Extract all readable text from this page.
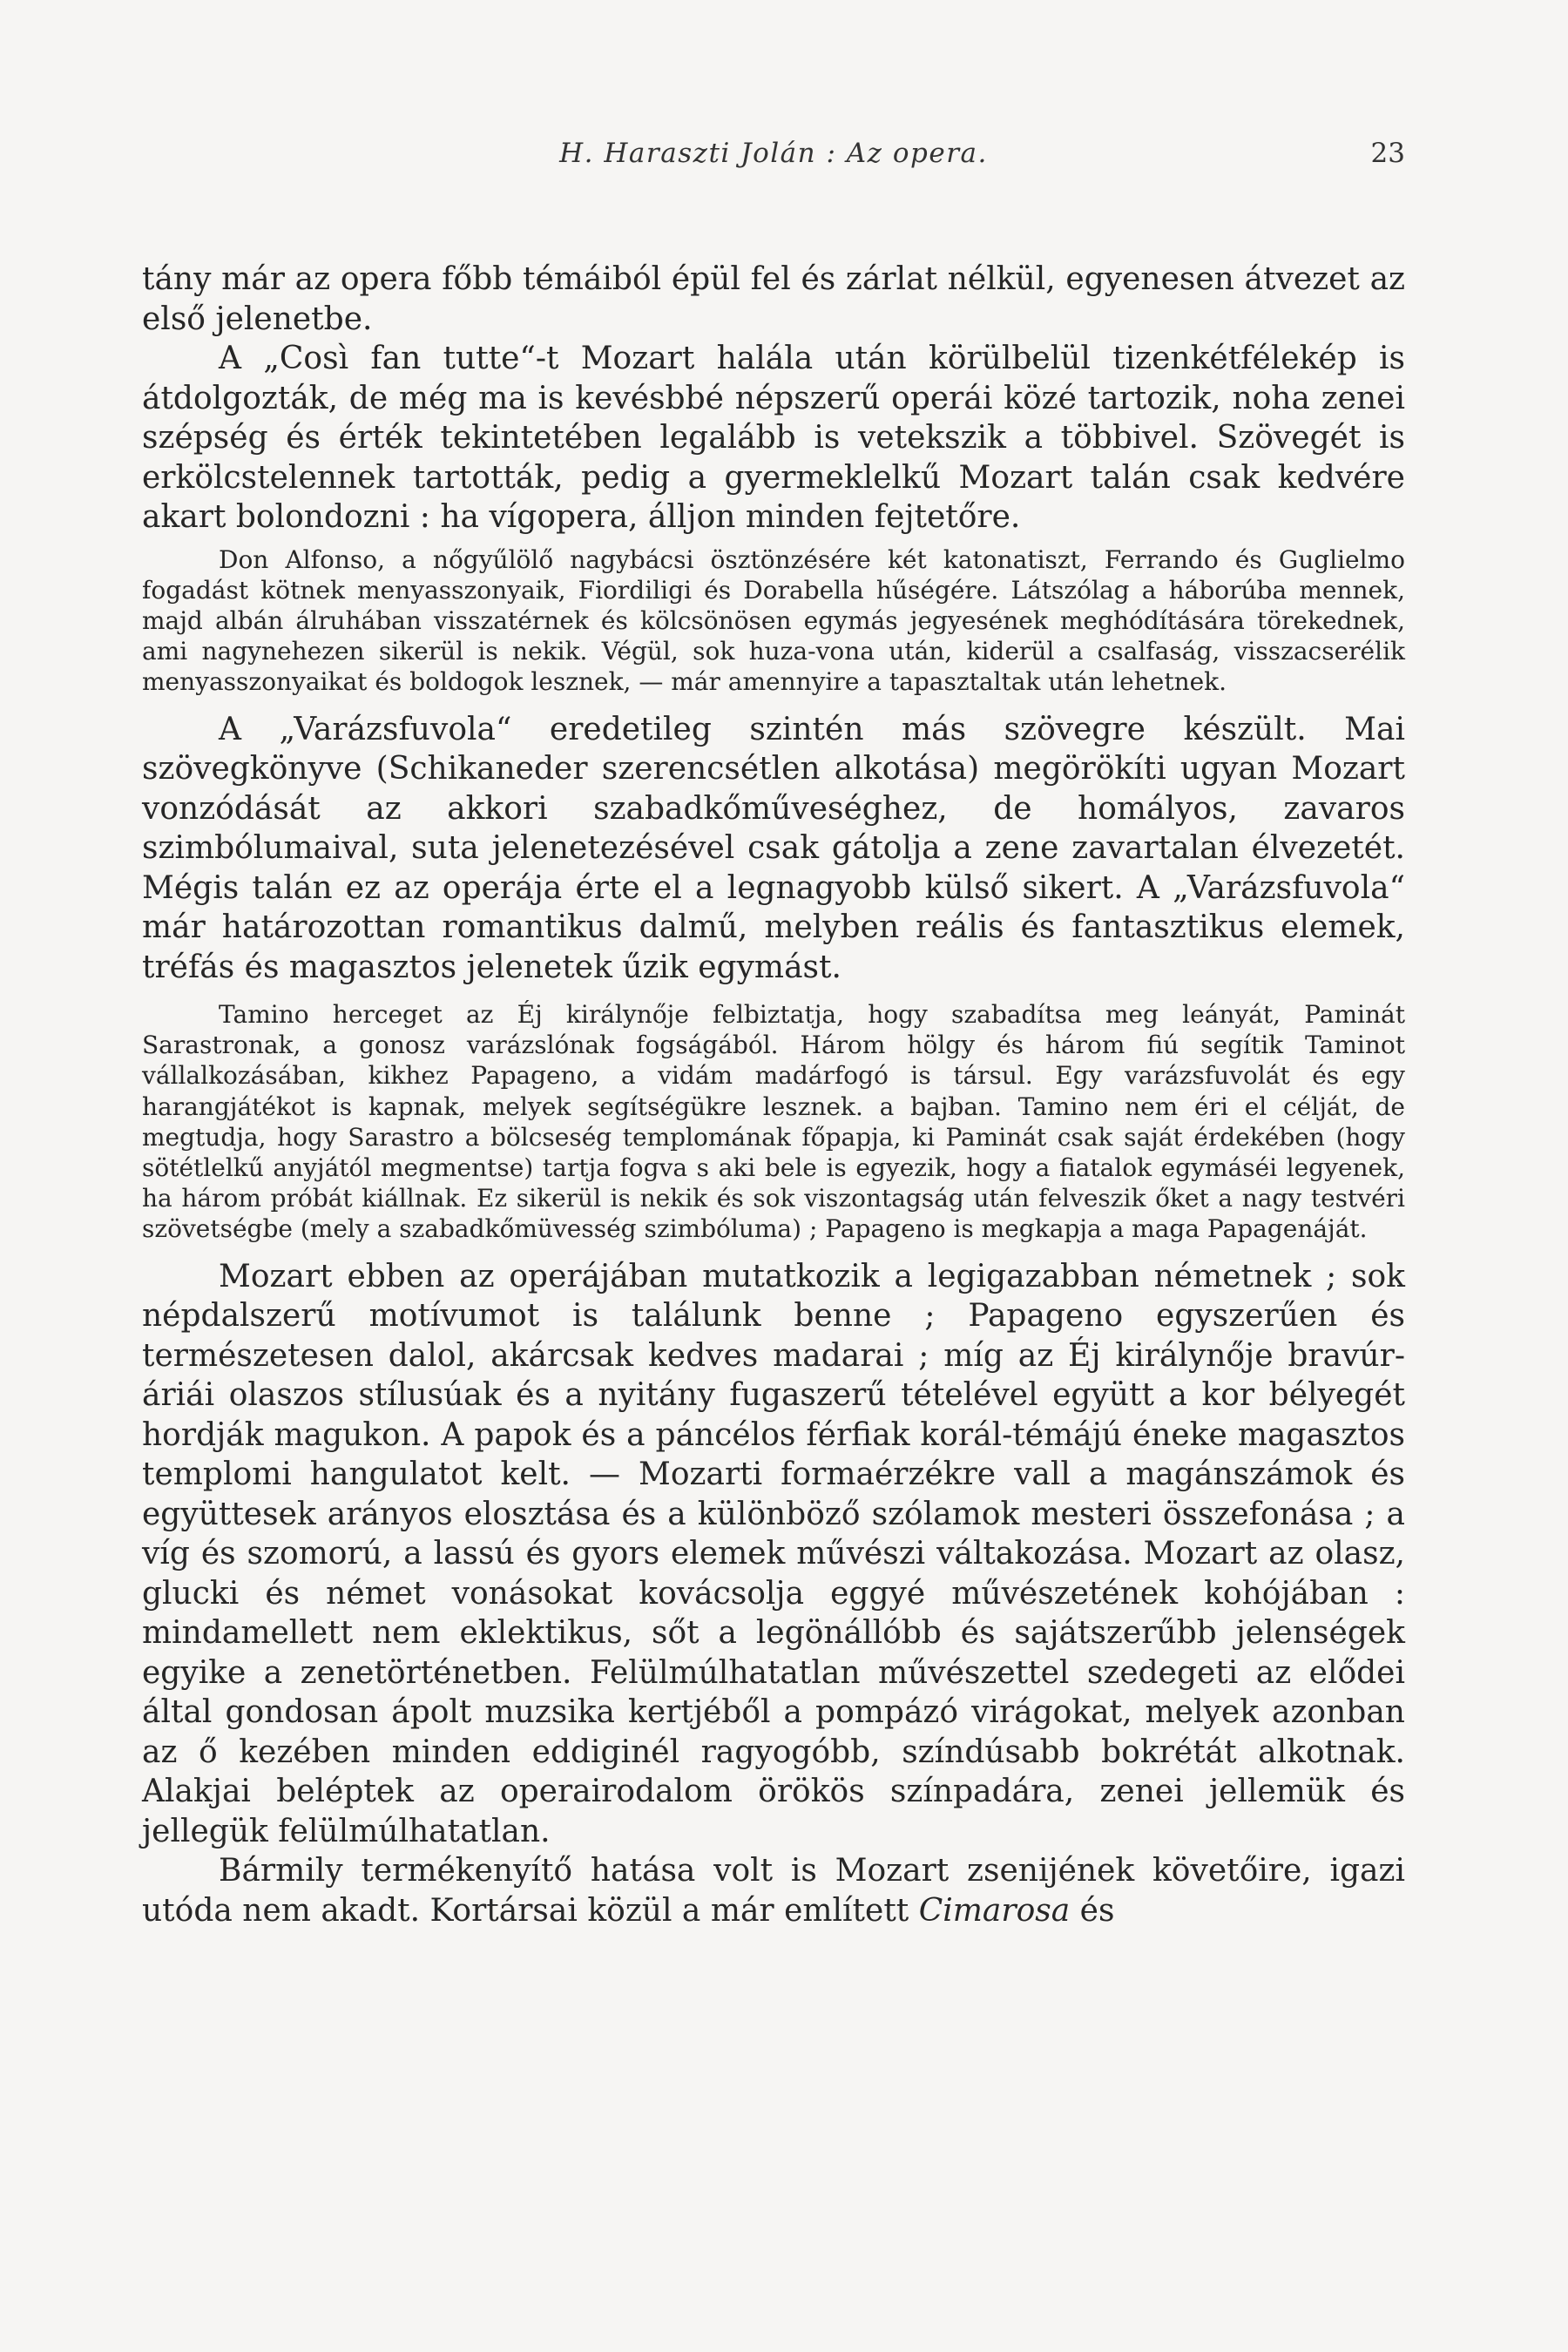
H. Haraszti Jolán : Az opera.	23

tány már az opera főbb témáiból épül fel és zárlat nélkül, egyenesen átvezet az első jelenetbe.

A „Così fan tutte“-t Mozart halála után körülbelül tizenkétfélekép is átdolgozták, de még ma is kevésbbé népszerű operái közé tartozik, noha zenei szépség és érték tekintetében legalább is vetekszik a többivel. Szövegét is erkölcstelennek tartották, pedig a gyermeklelkű Mozart talán csak kedvére akart bolondozni : ha vígopera, álljon minden fejtetőre.

Don Alfonso, a nőgyűlölő nagybácsi ösztönzésére két katonatiszt, Ferrando és Guglielmo fogadást kötnek menyasszonyaik, Fiordiligi és Dorabella hűségére. Látszólag a háborúba mennek, majd albán álruhában visszatérnek és kölcsönösen egymás jegyesének meghódítására törekednek, ami nagynehezen sikerül is nekik. Végül, sok huza-vona után, kiderül a csalfaság, visszacserélik menyasszonyaikat és boldogok lesznek, — már amennyire a tapasztaltak után lehetnek.

A „Varázsfuvola“ eredetileg szintén más szövegre készült. Mai szövegkönyve (Schikaneder szerencsétlen alkotása) megörökíti ugyan Mozart vonzódását az akkori szabadkőműveséghez, de homályos, zavaros szimbólumaival, suta jelenetezésével csak gátolja a zene zavartalan élvezetét. Mégis talán ez az operája érte el a legnagyobb külső sikert. A „Varázsfuvola“ már határozottan romantikus dalmű, melyben reális és fantasztikus elemek, tréfás és magasztos jelenetek űzik egymást.

Tamino herceget az Éj királynője felbiztatja, hogy szabadítsa meg leányát, Paminát Sarastronak, a gonosz varázslónak fogságából. Három hölgy és három fiú segítik Taminot vállalkozásában, kikhez Papageno, a vidám madárfogó is társul. Egy varázsfuvolát és egy harangjátékot is kapnak, melyek segítségükre lesznek. a bajban. Tamino nem éri el célját, de megtudja, hogy Sarastro a bölcseség templomának főpapja, ki Paminát csak saját érdekében (hogy sötétlelkű anyjától megmentse) tartja fogva s aki bele is egyezik, hogy a fiatalok egymáséi legyenek, ha három próbát kiállnak. Ez sikerül is nekik és sok viszontagság után felveszik őket a nagy testvéri szövetségbe (mely a szabadkőmüvesség szimbóluma) ; Papageno is megkapja a maga Papagenáját.

Mozart ebben az operájában mutatkozik a legigazabban németnek ; sok népdalszerű motívumot is találunk benne ; Papageno egyszerűen és természetesen dalol, akárcsak kedves madarai ; míg az Éj királynője bravúr-áriái olaszos stílusúak és a nyitány fugaszerű tételével együtt a kor bélyegét hordják magukon. A papok és a páncélos férfiak korál-témájú éneke magasztos templomi hangulatot kelt. — Mozarti formaérzékre vall a magánszámok és együttesek arányos elosztása és a különböző szólamok mesteri összefonása ; a víg és szomorú, a lassú és gyors elemek művészi váltakozása. Mozart az olasz, glucki és német vonásokat kovácsolja eggyé művészetének kohójában : mindamellett nem eklektikus, sőt a legönállóbb és sajátszerűbb jelenségek egyike a zenetörténetben. Felülmúlhatatlan művészettel szedegeti az elődei által gondosan ápolt muzsika kertjéből a pompázó virágokat, melyek azonban az ő kezében minden eddiginél ragyogóbb, színdúsabb bokrétát alkotnak. Alakjai beléptek az operairodalom örökös színpadára, zenei jellemük és jellegük felülmúlhatatlan.

Bármily termékenyítő hatása volt is Mozart zsenijének követőire, igazi utóda nem akadt. Kortársai közül a már említett Cimarosa és
